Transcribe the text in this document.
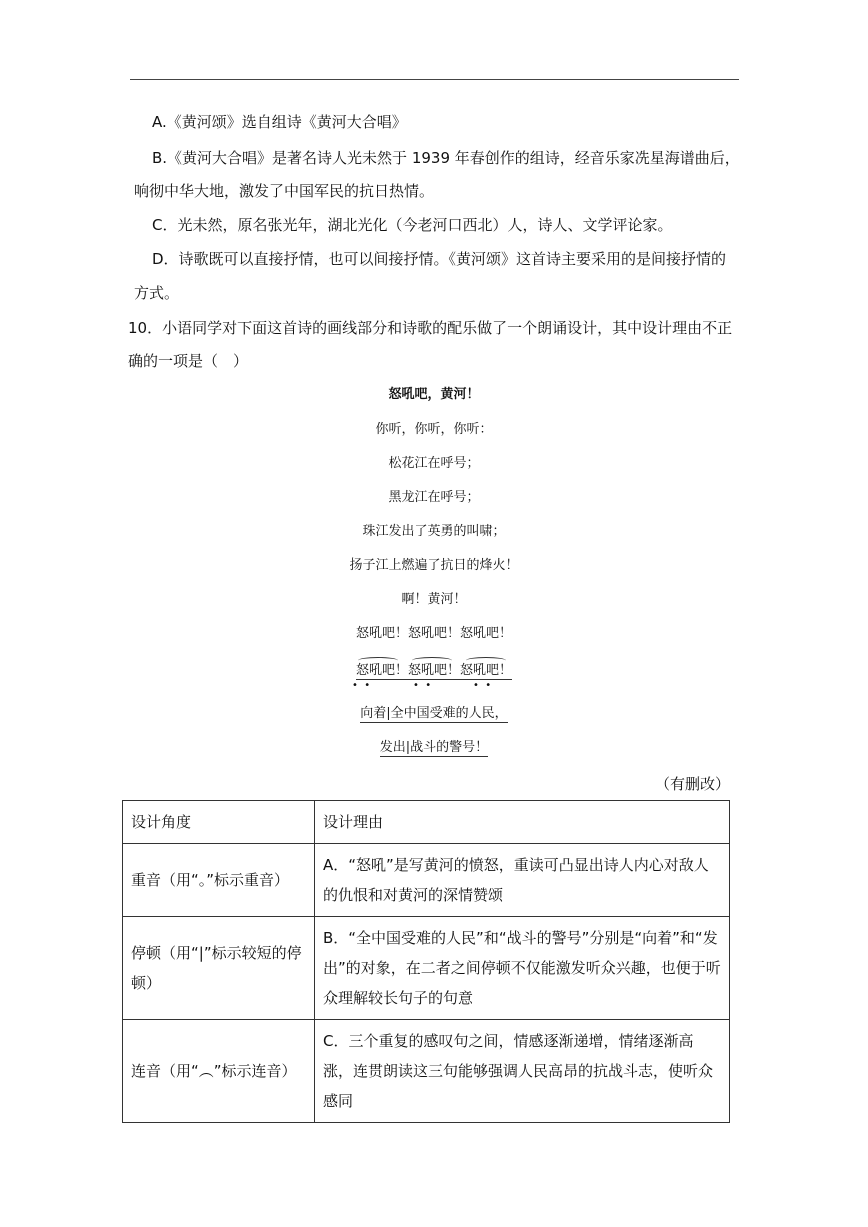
A.《黄河颂》选自组诗《黄河大合唱》
B.《黄河大合唱》是著名诗人光未然于 1939 年春创作的组诗，经音乐家冼星海谱曲后，
响彻中华大地，激发了中国军民的抗日热情。
C．光未然，原名张光年，湖北光化（今老河口西北）人，诗人、文学评论家。
D．诗歌既可以直接抒情，也可以间接抒情。《黄河颂》这首诗主要采用的是间接抒情的
方式。
10．小语同学对下面这首诗的画线部分和诗歌的配乐做了一个朗诵设计，其中设计理由不正
确的一项是（　）
怒吼吧，黄河！
你听，你听，你听：
松花江在呼号；
黑龙江在呼号；
珠江发出了英勇的叫啸；
扬子江上燃遍了抗日的烽火！
啊！黄河！
怒吼吧！怒吼吧！怒吼吧！
怒吼吧！怒吼吧！怒吼吧！
•  •	•  •	•  •
向着|全中国受难的人民，
发出|战斗的警号！
（有删改）
设计角度	设计理由
重音（用“。”标示重音）	A．“怒吼”是写黄河的愤怒，重读可凸显出诗人内心对敌人的仇恨和对黄河的深情赞颂
停顿（用“|”标示较短的停顿）	B．“全中国受难的人民”和“战斗的警号”分别是“向着”和“发出”的对象，在二者之间停顿不仅能激发听众兴趣，也便于听众理解较长句子的句意
连音（用“︵”标示连音）	C．三个重复的感叹句之间，情感逐渐递增，情绪逐渐高涨，连贯朗读这三句能够强调人民高昂的抗战斗志，使听众感同
